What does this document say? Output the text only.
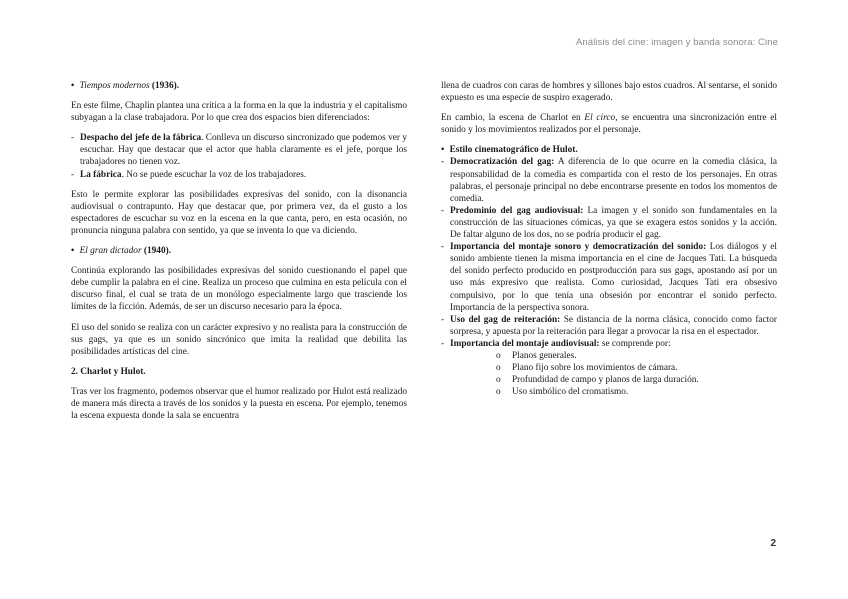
Análisis del cine: imagen y banda sonora: Cine
• Tiempos modernos (1936).

En este filme, Chaplin plantea una crítica a la forma en la que la industria y el capitalismo subyagan a la clase trabajadora. Por lo que crea dos espacios bien diferenciados:

- Despacho del jefe de la fábrica. Conlleva un discurso sincronizado que podemos ver y escuchar. Hay que destacar que el actor que habla claramente es el jefe, porque los trabajadores no tienen voz.
- La fábrica. No se puede escuchar la voz de los trabajadores.

Esto le permite explorar las posibilidades expresivas del sonido, con la disonancia audiovisual o contrapunto. Hay que destacar que, por primera vez, da el gusto a los espectadores de escuchar su voz en la escena en la que canta, pero, en esta ocasión, no pronuncia ninguna palabra con sentido, ya que se inventa lo que va diciendo.

• El gran dictador (1940).

Continúa explorando las posibilidades expresivas del sonido cuestionando el papel que debe cumplir la palabra en el cine. Realiza un proceso que culmina en esta película con el discurso final, el cual se trata de un monólogo especialmente largo que trasciende los límites de la ficción. Además, de ser un discurso necesario para la época.

El uso del sonido se realiza con un carácter expresivo y no realista para la construcción de sus gags, ya que es un sonido sincrónico que imita la realidad que debilita las posibilidades artísticas del cine.

2. Charlot y Hulot.

Tras ver los fragmento, podemos observar que el humor realizado por Hulot está realizado de manera más directa a través de los sonidos y la puesta en escena. Por ejemplo, tenemos la escena expuesta donde la sala se encuentra

llena de cuadros con caras de hombres y sillones bajo estos cuadros. Al sentarse, el sonido expuesto es una especie de suspiro exagerado.

En cambio, la escena de Charlot en El circo, se encuentra una sincronización entre el sonido y los movimientos realizados por el personaje.

• Estilo cinematográfico de Hulot.
- Democratización del gag: A diferencia de lo que ocurre en la comedia clásica, la responsabilidad de la comedia es compartida con el resto de los personajes. En otras palabras, el personaje principal no debe encontrarse presente en todos los momentos de comedia.
- Predominio del gag audiovisual: La imagen y el sonido son fundamentales en la construcción de las situaciones cómicas, ya que se exagera estos sonidos y la acción. De faltar alguno de los dos, no se podría producir el gag.
- Importancia del montaje sonoro y democratización del sonido: Los diálogos y el sonido ambiente tienen la misma importancia en el cine de Jacques Tati. La búsqueda del sonido perfecto producido en postproducción para sus gags, apostando así por un uso más expresivo que realista. Como curiosidad, Jacques Tati era obsesivo compulsivo, por lo que tenía una obsesión por encontrar el sonido perfecto. Importancia de la perspectiva sonora.
- Uso del gag de reiteración: Se distancia de la norma clásica, conocido como factor sorpresa, y apuesta por la reiteración para llegar a provocar la risa en el espectador.
- Importancia del montaje audiovisual: se comprende por:
o	Planos generales.
o	Plano fijo sobre los movimientos de cámara.
o	Profundidad de campo y planos de larga duración.
o	Uso simbólico del cromatismo.
2
